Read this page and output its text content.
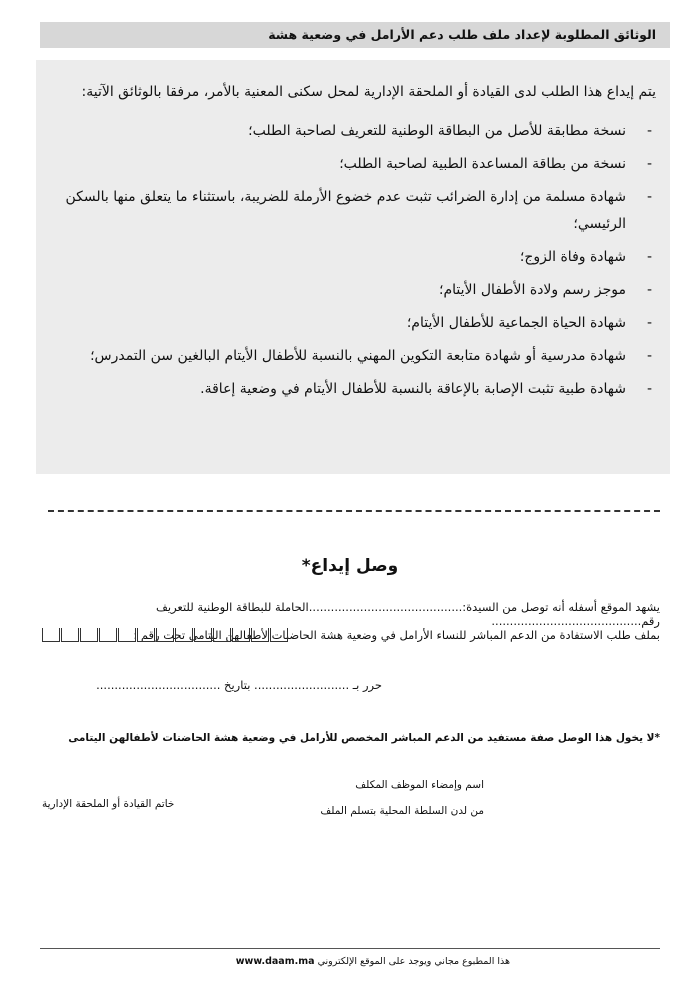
الوثائق المطلوبة لإعداد ملف طلب دعم الأرامل في وضعية هشة

يتم إيداع هذا الطلب لدى القيادة أو الملحقة الإدارية لمحل سكنى المعنية بالأمر، مرفقا بالوثائق الآتية:

- نسخة مطابقة للأصل من البطاقة الوطنية للتعريف لصاحبة الطلب؛
- نسخة من بطاقة المساعدة الطبية لصاحبة الطلب؛
- شهادة مسلمة من إدارة الضرائب تثبت عدم خضوع الأرملة للضريبة، باستثناء ما يتعلق منها بالسكن الرئيسي؛
- شهادة وفاة الزوج؛
- موجز رسم ولادة الأطفال الأيتام؛
- شهادة الحياة الجماعية للأطفال الأيتام؛
- شهادة مدرسية أو شهادة متابعة التكوين المهني بالنسبة للأطفال الأيتام البالغين سن التمدرس؛
- شهادة طبية تثبت الإصابة بالإعاقة بالنسبة للأطفال الأيتام في وضعية إعاقة.
وصل إيداع*
يشهد الموقع أسفله أنه توصل من السيدة:..........................................الحاملة للبطاقة الوطنية للتعريف رقم.........................................
بملف طلب الاستفادة من الدعم المباشر للنساء الأرامل في وضعية هشة الحاضنات لأطفالهن اليتامى تحت رقم :
حرر بـ .......................... بتاريخ ..................................
*لا يخول هذا الوصل صفة مستفيد من الدعم المباشر المخصص للأرامل في وضعية هشة الحاضنات لأطفالهن اليتامى
اسم وإمضاء الموظف المكلف
من لدن السلطة المحلية بتسلم الملف
خاتم القيادة أو الملحقة الإدارية
هذا المطبوع مجاني ويوجد على الموقع الإلكتروني www.daam.ma
